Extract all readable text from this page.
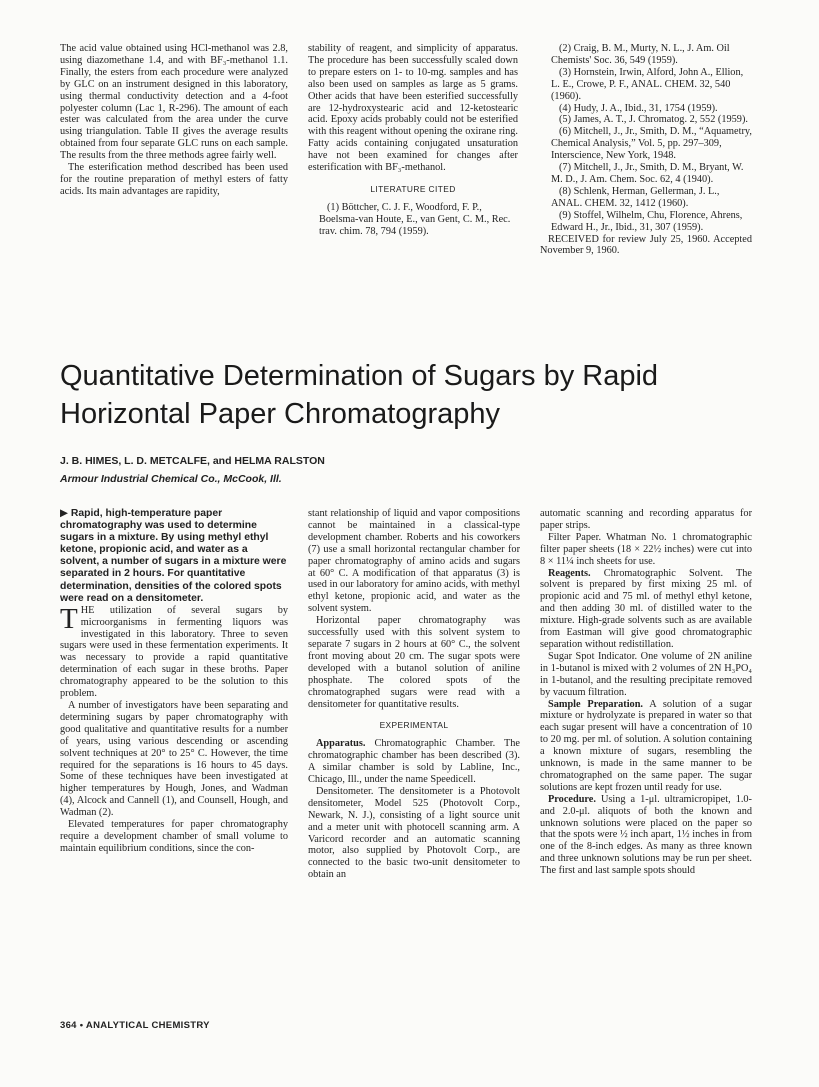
The acid value obtained using HCl-methanol was 2.8, using diazomethane 1.4, and with BF₃-methanol 1.1. Finally, the esters from each procedure were analyzed by GLC on an instrument designed in this laboratory, using thermal conductivity detection and a 4-foot polyester column (Lac 1, R-296). The amount of each ester was calculated from the area under the curve using triangulation. Table II gives the average results obtained from four separate GLC runs on each sample. The results from the three methods agree fairly well.

The esterification method described has been used for the routine preparation of methyl esters of fatty acids. Its main advantages are rapidity,

stability of reagent, and simplicity of apparatus. The procedure has been successfully scaled down to prepare esters on 1- to 10-mg. samples and has also been used on samples as large as 5 grams. Other acids that have been esterified successfully are 12-hydroxystearic acid and 12-ketostearic acid. Epoxy acids probably could not be esterified with this reagent without opening the oxirane ring. Fatty acids containing conjugated unsaturation have not been examined for changes after esterification with BF₃-methanol.

LITERATURE CITED

(1) Böttcher, C. J. F., Woodford, F. P., Boelsma-van Houte, E., van Gent, C. M., Rec. trav. chim. 78, 794 (1959).

(2) Craig, B. M., Murty, N. L., J. Am. Oil Chemists' Soc. 36, 549 (1959).

(3) Hornstein, Irwin, Alford, John A., Ellion, L. E., Crowe, P. F., ANAL. CHEM. 32, 540 (1960).

(4) Hudy, J. A., Ibid., 31, 1754 (1959).

(5) James, A. T., J. Chromatog. 2, 552 (1959).

(6) Mitchell, J., Jr., Smith, D. M., “Aquametry, Chemical Analysis,” Vol. 5, pp. 297–309, Interscience, New York, 1948.

(7) Mitchell, J., Jr., Smith, D. M., Bryant, W. M. D., J. Am. Chem. Soc. 62, 4 (1940).

(8) Schlenk, Herman, Gellerman, J. L., ANAL. CHEM. 32, 1412 (1960).

(9) Stoffel, Wilhelm, Chu, Florence, Ahrens, Edward H., Jr., Ibid., 31, 307 (1959).

RECEIVED for review July 25, 1960. Accepted November 9, 1960.

Quantitative Determination of Sugars by Rapid Horizontal Paper Chromatography
J. B. HIMES, L. D. METCALFE, and HELMA RALSTON
Armour Industrial Chemical Co., McCook, Ill.

▶ Rapid, high-temperature paper chromatography was used to determine sugars in a mixture. By using methyl ethyl ketone, propionic acid, and water as a solvent, a number of sugars in a mixture were separated in 2 hours. For quantitative determination, densities of the colored spots were read on a densitometer.

THE utilization of several sugars by microorganisms in fermenting liquors was investigated in this laboratory. Three to seven sugars were used in these fermentation experiments. It was necessary to provide a rapid quantitative determination of each sugar in these broths. Paper chromatography appeared to be the solution to this problem.

A number of investigators have been separating and determining sugars by paper chromatography with good qualitative and quantitative results for a number of years, using various descending or ascending solvent techniques at 20° to 25° C. However, the time required for the separations is 16 hours to 45 days. Some of these techniques have been investigated at higher temperatures by Hough, Jones, and Wadman (4), Alcock and Cannell (1), and Counsell, Hough, and Wadman (2).

Elevated temperatures for paper chromatography require a development chamber of small volume to maintain equilibrium conditions, since the con-

stant relationship of liquid and vapor compositions cannot be maintained in a classical-type development chamber. Roberts and his coworkers (7) use a small horizontal rectangular chamber for paper chromatography of amino acids and sugars at 60° C. A modification of that apparatus (3) is used in our laboratory for amino acids, with methyl ethyl ketone, propionic acid, and water as the solvent system.

Horizontal paper chromatography was successfully used with this solvent system to separate 7 sugars in 2 hours at 60° C., the solvent front moving about 20 cm. The sugar spots were developed with a butanol solution of aniline phosphate. The colored spots of the chromatographed sugars were read with a densitometer for quantitative results.

EXPERIMENTAL

Apparatus. Chromatographic Chamber. The chromatographic chamber has been described (3). A similar chamber is sold by Labline, Inc., Chicago, Ill., under the name Speedicell.

Densitometer. The densitometer is a Photovolt densitometer, Model 525 (Photovolt Corp., Newark, N. J.), consisting of a light source unit and a meter unit with photocell scanning arm. A Varicord recorder and an automatic scanning motor, also supplied by Photovolt Corp., are connected to the basic two-unit densitometer to obtain an

automatic scanning and recording apparatus for paper strips.

Filter Paper. Whatman No. 1 chromatographic filter paper sheets (18 × 22½ inches) were cut into 8 × 11¼ inch sheets for use.

Reagents. Chromatographic Solvent. The solvent is prepared by first mixing 25 ml. of propionic acid and 75 ml. of methyl ethyl ketone, and then adding 30 ml. of distilled water to the mixture. High-grade solvents such as are available from Eastman will give good chromatographic separation without redistillation.

Sugar Spot Indicator. One volume of 2N aniline in 1-butanol is mixed with 2 volumes of 2N H₃PO₄ in 1-butanol, and the resulting precipitate removed by vacuum filtration.

Sample Preparation. A solution of a sugar mixture or hydrolyzate is prepared in water so that each sugar present will have a concentration of 10 to 20 mg. per ml. of solution. A solution containing a known mixture of sugars, resembling the unknown, is made in the same manner to be chromatographed on the same paper. The sugar solutions are kept frozen until ready for use.

Procedure. Using a 1-μl. ultramicropipet, 1.0- and 2.0-μl. aliquots of both the known and unknown solutions were placed on the paper so that the spots were ½ inch apart, 1½ inches in from one of the 8-inch edges. As many as three known and three unknown solutions may be run per sheet. The first and last sample spots should

364 • ANALYTICAL CHEMISTRY
